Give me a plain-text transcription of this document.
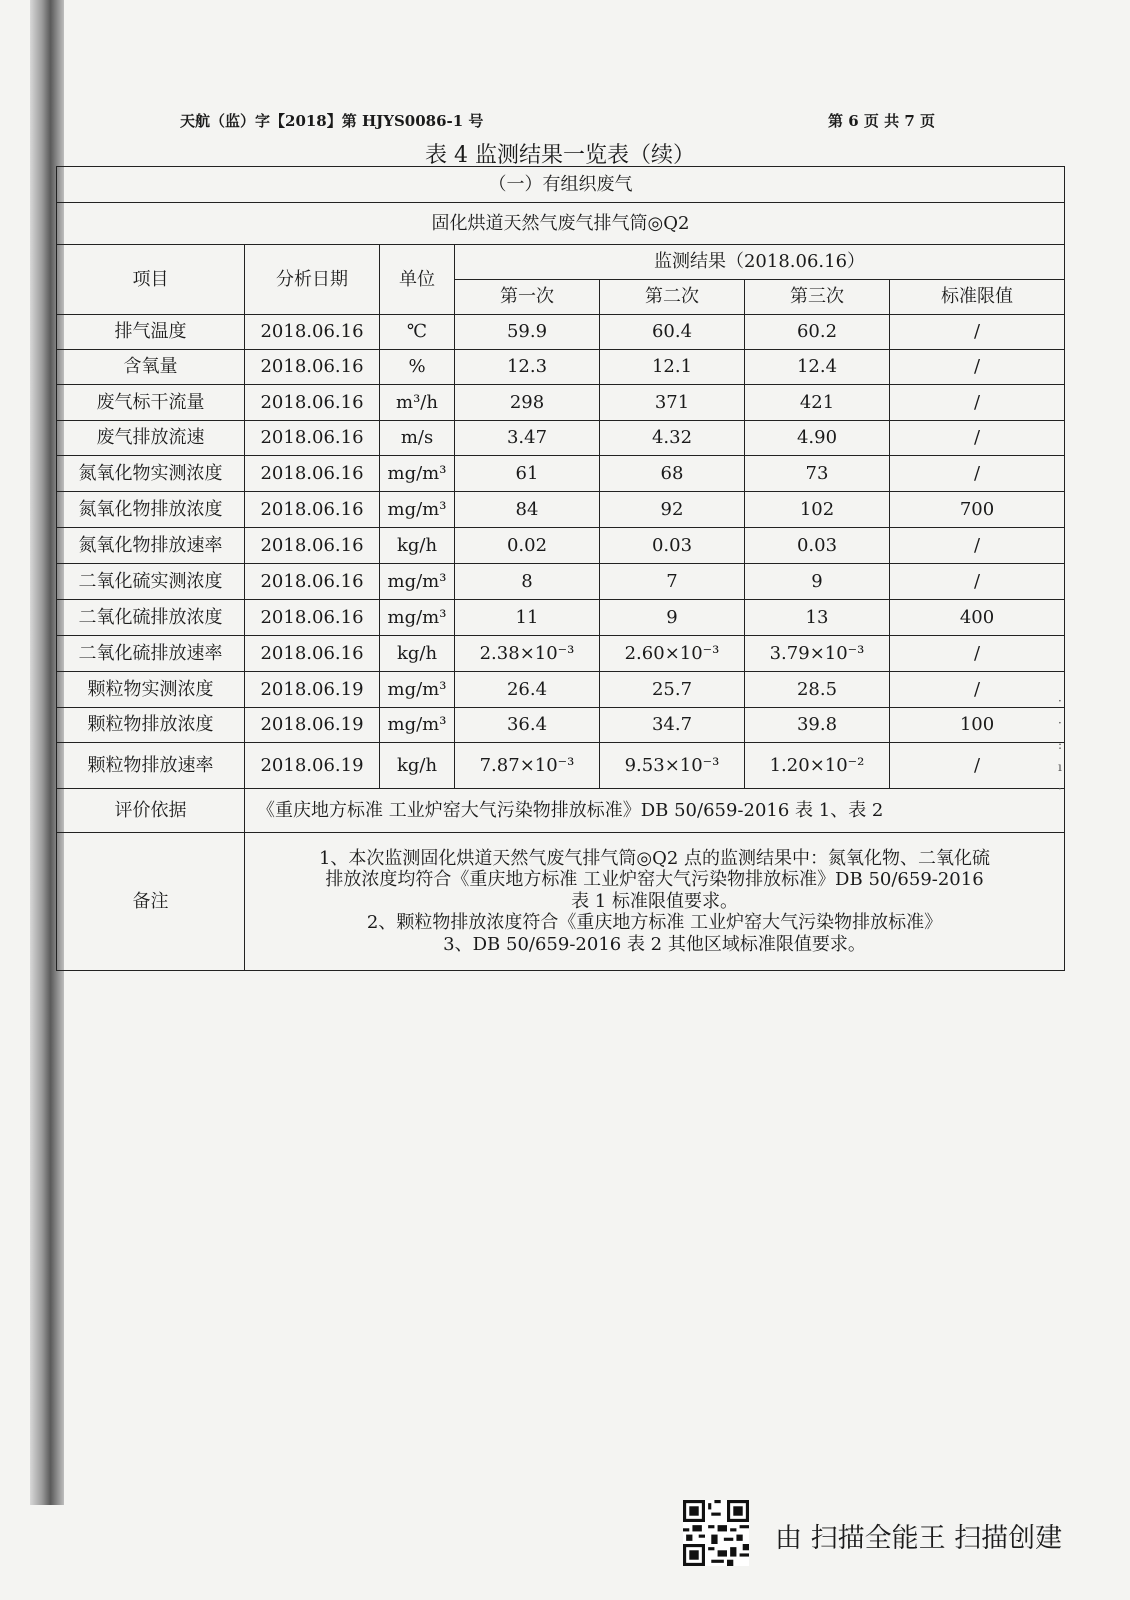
天航（监）字【2018】第 HJYS0086-1 号	第 6 页 共 7 页
表 4 监测结果一览表（续）
（一）有组织废气						
固化烘道天然气废气排气筒◎Q2						
项目	分析日期	单位	监测结果（2018.06.16）			
			第一次	第二次	第三次	标准限值
排气温度	2018.06.16	℃	59.9	60.4	60.2	/
含氧量	2018.06.16	%	12.3	12.1	12.4	/
废气标干流量	2018.06.16	m³/h	298	371	421	/
废气排放流速	2018.06.16	m/s	3.47	4.32	4.90	/
氮氧化物实测浓度	2018.06.16	mg/m³	61	68	73	/
氮氧化物排放浓度	2018.06.16	mg/m³	84	92	102	700
氮氧化物排放速率	2018.06.16	kg/h	0.02	0.03	0.03	/
二氧化硫实测浓度	2018.06.16	mg/m³	8	7	9	/
二氧化硫排放浓度	2018.06.16	mg/m³	11	9	13	400
二氧化硫排放速率	2018.06.16	kg/h	2.38×10⁻³	2.60×10⁻³	3.79×10⁻³	/
颗粒物实测浓度	2018.06.19	mg/m³	26.4	25.7	28.5	/
颗粒物排放浓度	2018.06.19	mg/m³	36.4	34.7	39.8	100
颗粒物排放速率	2018.06.19	kg/h	7.87×10⁻³	9.53×10⁻³	1.20×10⁻²	/
评价依据	《重庆地方标准 工业炉窑大气污染物排放标准》DB 50/659-2016 表 1、表 2					
备注	1、本次监测固化烘道天然气废气排气筒◎Q2 点的监测结果中：氮氧化物、二氧化硫
排放浓度均符合《重庆地方标准 工业炉窑大气污染物排放标准》DB 50/659-2016
表 1 标准限值要求。
2、颗粒物排放浓度符合《重庆地方标准 工业炉窑大气污染物排放标准》
3、DB 50/659-2016 表 2 其他区域标准限值要求。					
·
·
:
ı
·
由 扫描全能王 扫描创建
